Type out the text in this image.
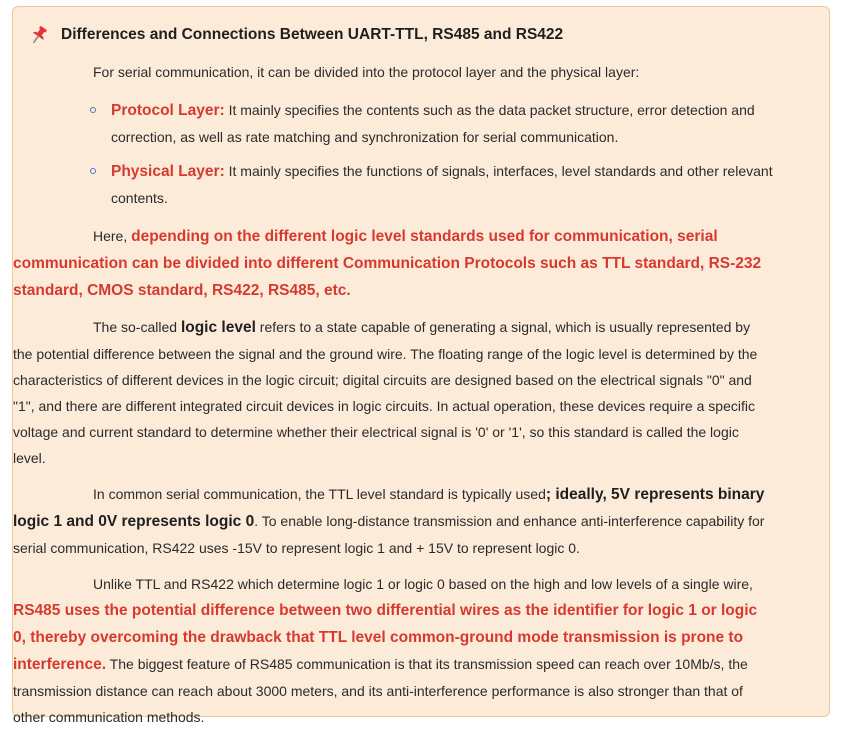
Differences and Connections Between UART-TTL, RS485 and RS422

For serial communication, it can be divided into the protocol layer and the physical layer:

Protocol Layer: It mainly specifies the contents such as the data packet structure, error detection and correction, as well as rate matching and synchronization for serial communication.
Physical Layer: It mainly specifies the functions of signals, interfaces, level standards and other relevant contents.

Here, depending on the different logic level standards used for communication, serial communication can be divided into different Communication Protocols such as TTL standard, RS-232 standard, CMOS standard, RS422, RS485, etc.

The so-called logic level refers to a state capable of generating a signal, which is usually represented by the potential difference between the signal and the ground wire. The floating range of the logic level is determined by the characteristics of different devices in the logic circuit; digital circuits are designed based on the electrical signals "0" and "1", and there are different integrated circuit devices in logic circuits. In actual operation, these devices require a specific voltage and current standard to determine whether their electrical signal is '0' or '1', so this standard is called the logic level.

In common serial communication, the TTL level standard is typically used; ideally, 5V represents binary logic 1 and 0V represents logic 0. To enable long-distance transmission and enhance anti-interference capability for serial communication, RS422 uses -15V to represent logic 1 and + 15V to represent logic 0.

Unlike TTL and RS422 which determine logic 1 or logic 0 based on the high and low levels of a single wire, RS485 uses the potential difference between two differential wires as the identifier for logic 1 or logic 0, thereby overcoming the drawback that TTL level common-ground mode transmission is prone to interference. The biggest feature of RS485 communication is that its transmission speed can reach over 10Mb/s, the transmission distance can reach about 3000 meters, and its anti-interference performance is also stronger than that of other communication methods.
